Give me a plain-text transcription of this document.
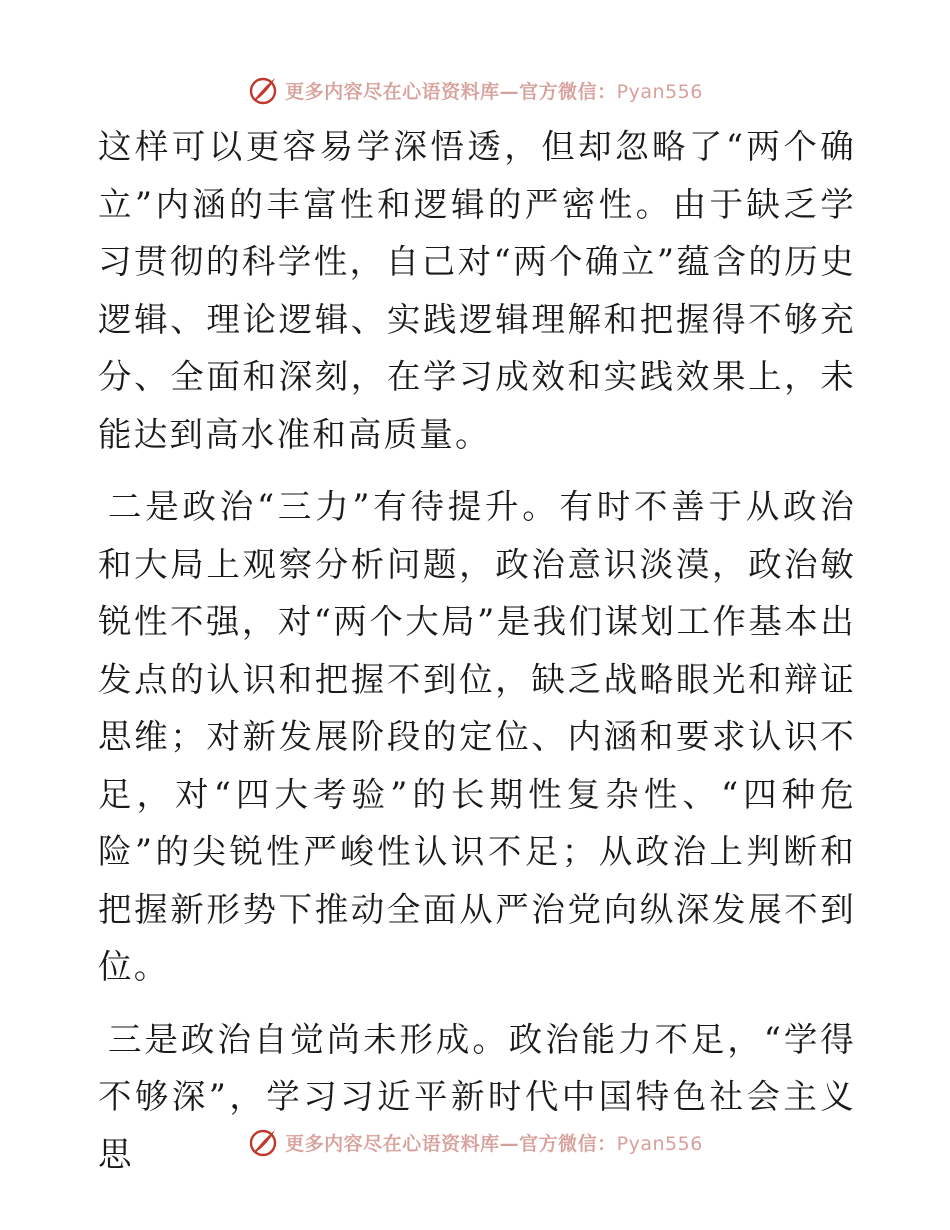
更多内容尽在心语资料库—官方微信：Pyan556

这样可以更容易学深悟透，但却忽略了“两个确立”内涵的丰富性和逻辑的严密性。由于缺乏学习贯彻的科学性，自己对“两个确立”蕴含的历史逻辑、理论逻辑、实践逻辑理解和把握得不够充分、全面和深刻，在学习成效和实践效果上，未能达到高水准和高质量。

二是政治“三力”有待提升。有时不善于从政治和大局上观察分析问题，政治意识淡漠，政治敏锐性不强，对“两个大局”是我们谋划工作基本出发点的认识和把握不到位，缺乏战略眼光和辩证思维；对新发展阶段的定位、内涵和要求认识不足，对“四大考验”的长期性复杂性、“四种危险”的尖锐性严峻性认识不足；从政治上判断和把握新形势下推动全面从严治党向纵深发展不到位。

三是政治自觉尚未形成。政治能力不足，“学得不够深”，学习习近平新时代中国特色社会主义思	更多内容尽在心语资料库—官方微信：Pyan556
